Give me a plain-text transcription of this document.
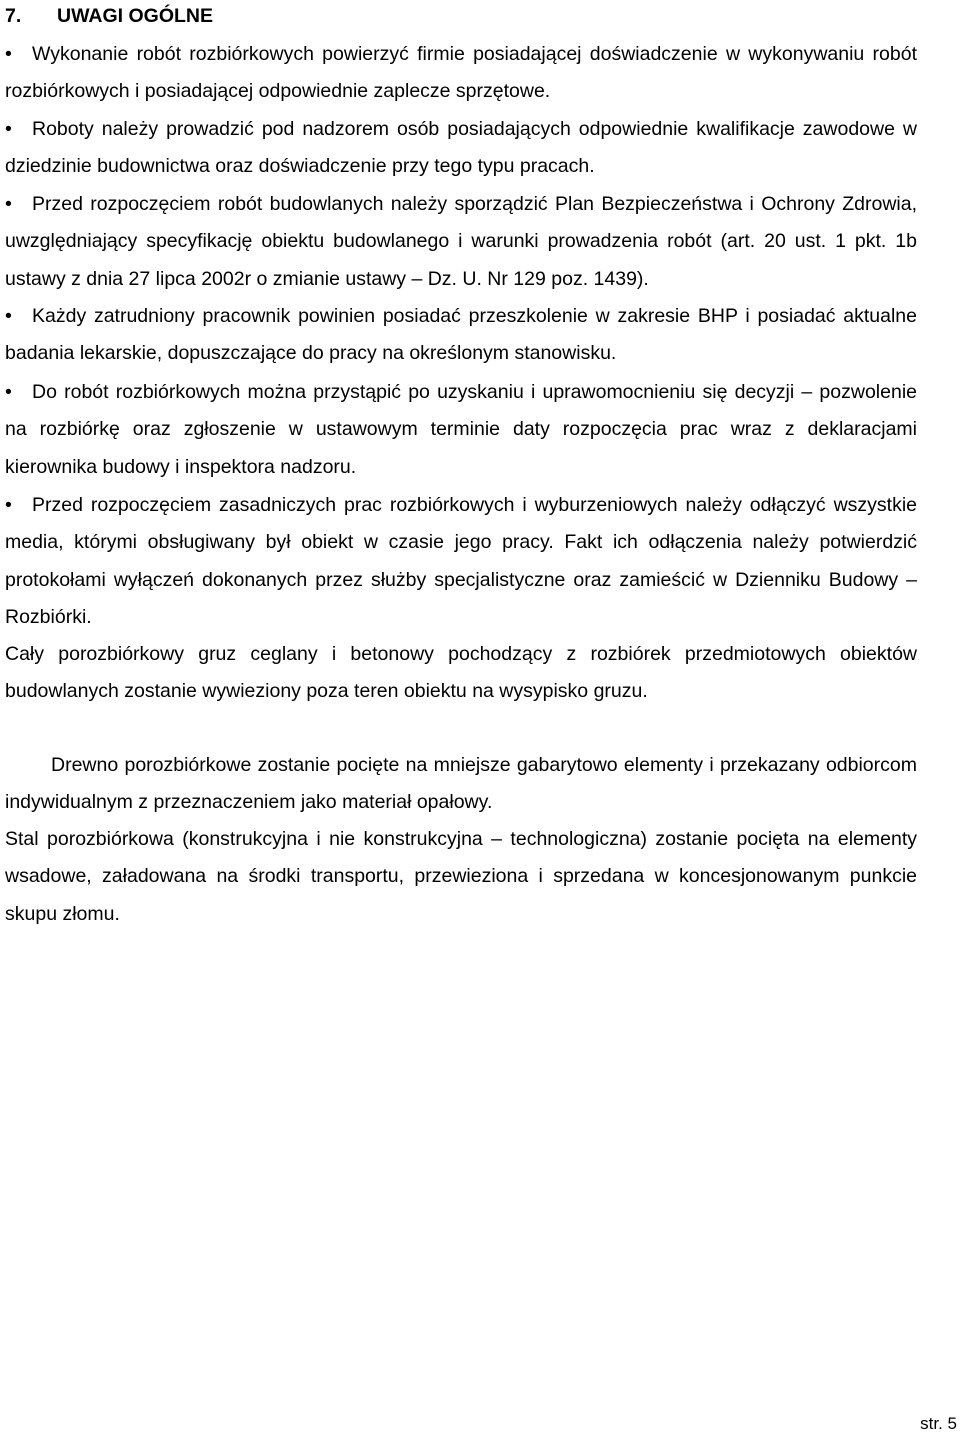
7. UWAGI OGÓLNE

• Wykonanie robót rozbiórkowych powierzyć firmie posiadającej doświadczenie w wykonywaniu robót rozbiórkowych i posiadającej odpowiednie zaplecze sprzętowe.

• Roboty należy prowadzić pod nadzorem osób posiadających odpowiednie kwalifikacje zawodowe w dziedzinie budownictwa oraz doświadczenie przy tego typu pracach.

• Przed rozpoczęciem robót budowlanych należy sporządzić Plan Bezpieczeństwa i Ochrony Zdrowia, uwzględniający specyfikację obiektu budowlanego i warunki prowadzenia robót (art. 20 ust. 1 pkt. 1b ustawy z dnia 27 lipca 2002r o zmianie ustawy – Dz. U. Nr 129 poz. 1439).

• Każdy zatrudniony pracownik powinien posiadać przeszkolenie w zakresie BHP i posiadać aktualne badania lekarskie, dopuszczające do pracy na określonym stanowisku.

• Do robót rozbiórkowych można przystąpić po uzyskaniu i uprawomocnieniu się decyzji – pozwolenie na rozbiórkę oraz zgłoszenie w ustawowym terminie daty rozpoczęcia prac wraz z deklaracjami kierownika budowy i inspektora nadzoru.

• Przed rozpoczęciem zasadniczych prac rozbiórkowych i wyburzeniowych należy odłączyć wszystkie media, którymi obsługiwany był obiekt w czasie jego pracy. Fakt ich odłączenia należy potwierdzić protokołami wyłączeń dokonanych przez służby specjalistyczne oraz zamieścić w Dzienniku Budowy – Rozbiórki.

Cały porozbiórkowy gruz ceglany i betonowy pochodzący z rozbiórek przedmiotowych obiektów budowlanych zostanie wywieziony poza teren obiektu na wysypisko gruzu.

Drewno porozbiórkowe zostanie pocięte na mniejsze gabarytowo elementy i przekazany odbiorcom indywidualnym z przeznaczeniem jako materiał opałowy.

Stal porozbiórkowa (konstrukcyjna i nie konstrukcyjna – technologiczna) zostanie pocięta na elementy wsadowe, załadowana na środki transportu, przewieziona i sprzedana w koncesjonowanym punkcie skupu złomu.

str. 5
